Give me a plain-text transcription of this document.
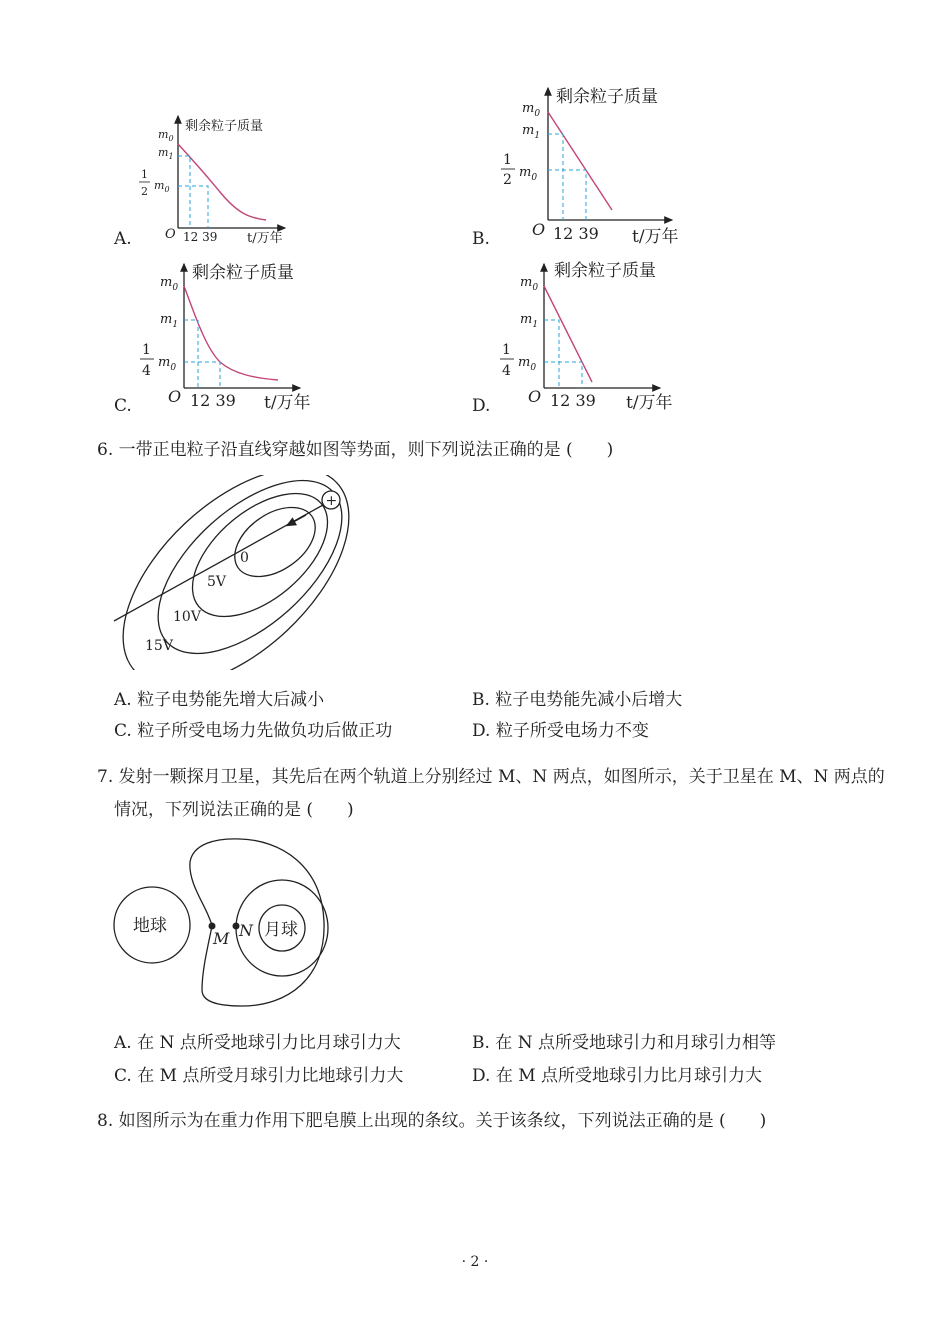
剩余粒子质量
$m_0$
$m_1$
1
2 $m_0$
O 12 39 t/万年
A.
剩余粒子质量
$m_0$
$m_1$
1
2 $m_0$
O 12 39 t/万年
B.
剩余粒子质量
$m_0$
$m_1$
1
4
$m_0$
O 12 39 t/万年
C.
剩余粒子质量
$m_0$
$m_1$
1
4
$m_0$
O 12 39 t/万年
D.
6. 一带正电粒子沿直线穿越如图等势面，则下列说法正确的是 (　　)
+
0
5V
10V
15V
A. 粒子电势能先增大后减小	B. 粒子电势能先减小后增大
C. 粒子所受电场力先做负功后做正功	D. 粒子所受电场力不变
7. 发射一颗探月卫星，其先后在两个轨道上分别经过 M、N 两点，如图所示，关于卫星在 M、N 两点的
情况，下列说法正确的是 (　　)
地球	月球
M N
A. 在 N 点所受地球引力比月球引力大	B. 在 N 点所受地球引力和月球引力相等
C. 在 M 点所受月球引力比地球引力大	D. 在 M 点所受地球引力比月球引力大
8. 如图所示为在重力作用下肥皂膜上出现的条纹。关于该条纹，下列说法正确的是 (　　)
· 2 ·
